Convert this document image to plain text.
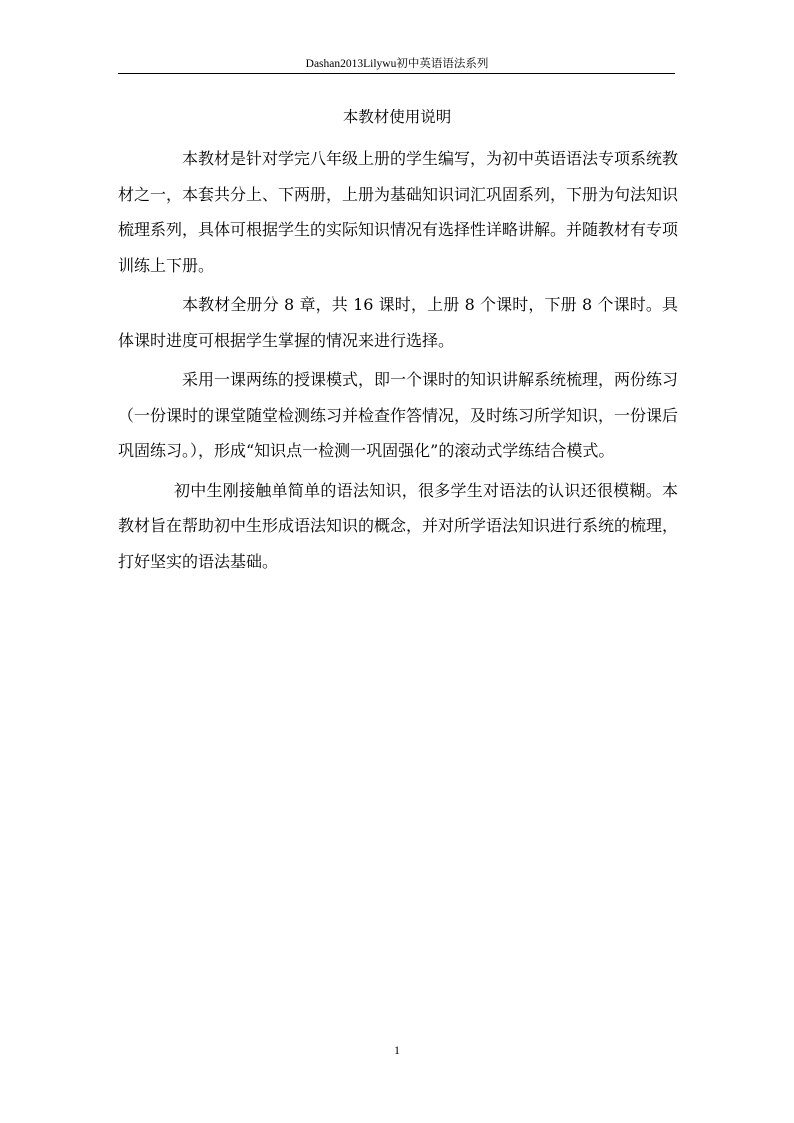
Dashan2013Lilywu初中英语语法系列
本教材使用说明

本教材是针对学完八年级上册的学生编写，为初中英语语法专项系统教材之一，本套共分上、下两册，上册为基础知识词汇巩固系列，下册为句法知识梳理系列，具体可根据学生的实际知识情况有选择性详略讲解。并随教材有专项训练上下册。

本教材全册分 8 章，共 16 课时，上册 8 个课时，下册 8 个课时。具体课时进度可根据学生掌握的情况来进行选择。

采用一课两练的授课模式，即一个课时的知识讲解系统梳理，两份练习（一份课时的课堂随堂检测练习并检查作答情况，及时练习所学知识，一份课后巩固练习。），形成“知识点一检测一巩固强化”的滚动式学练结合模式。

初中生刚接触单简单的语法知识，很多学生对语法的认识还很模糊。本教材旨在帮助初中生形成语法知识的概念，并对所学语法知识进行系统的梳理，打好坚实的语法基础。

1
